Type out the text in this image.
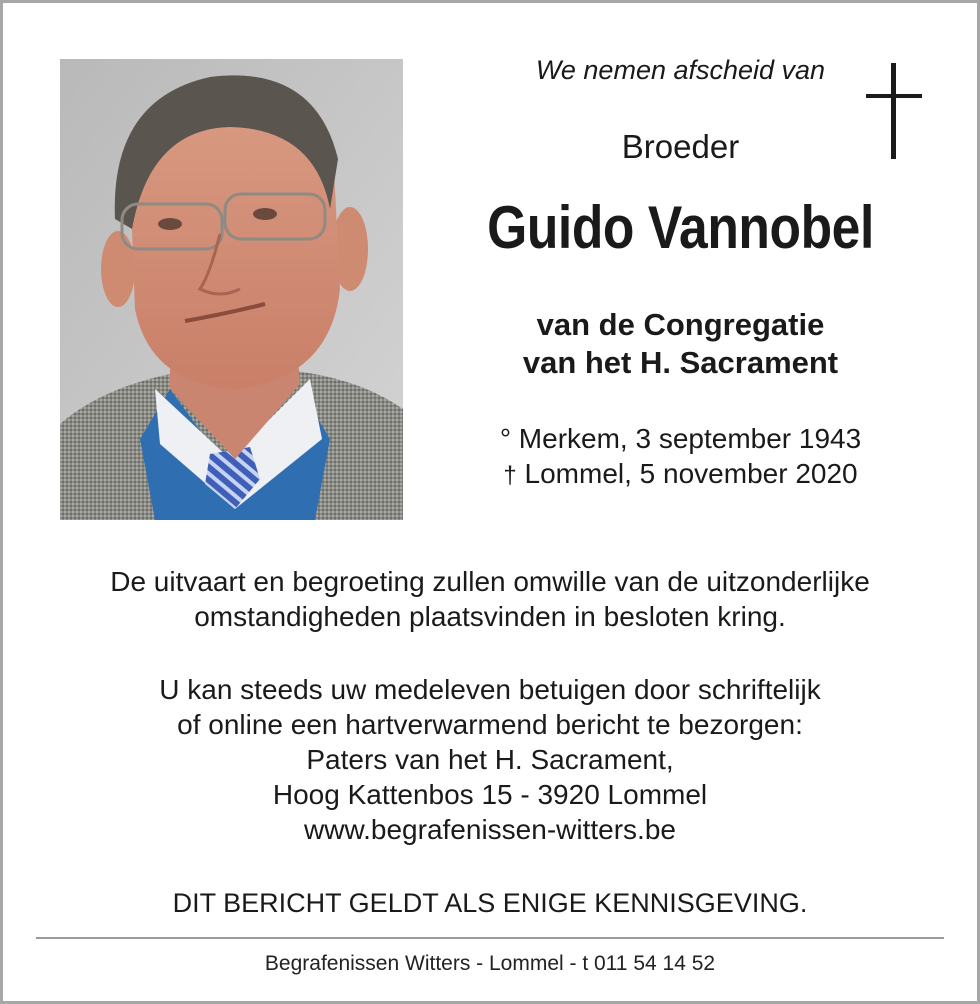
We nemen afscheid van
Broeder
Guido Vannobel
van de Congregatie
van het H. Sacrament
° Merkem, 3 september 1943
† Lommel, 5 november 2020
De uitvaart en begroeting zullen omwille van de uitzonderlijke
omstandigheden plaatsvinden in besloten kring.
U kan steeds uw medeleven betuigen door schriftelijk
of online een hartverwarmend bericht te bezorgen:
Paters van het H. Sacrament,
Hoog Kattenbos 15 - 3920 Lommel
www.begrafenissen-witters.be
DIT BERICHT GELDT ALS ENIGE KENNISGEVING.
Begrafenissen Witters - Lommel - t 011 54 14 52
